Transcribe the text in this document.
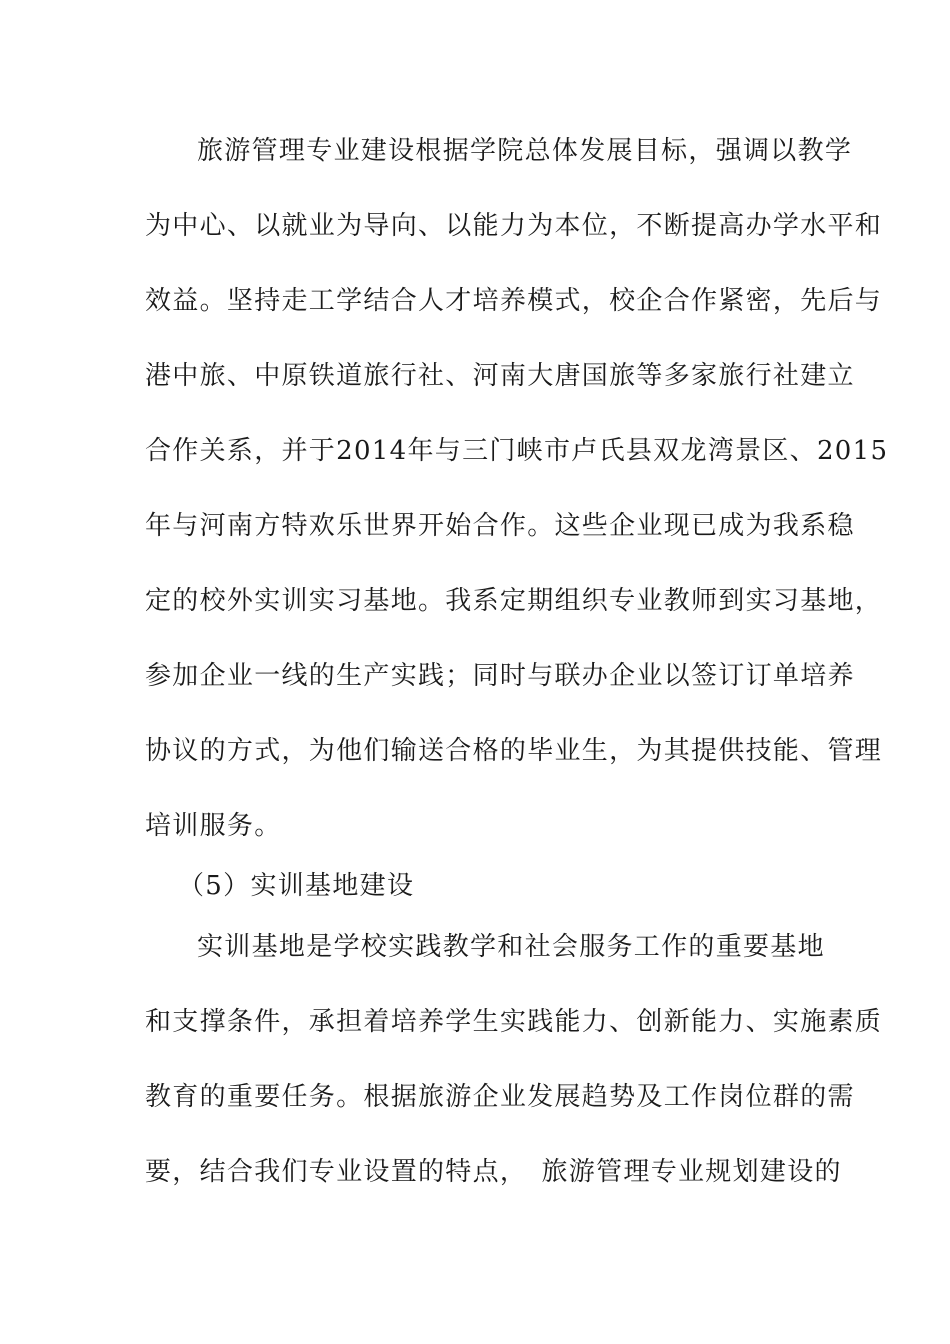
旅游管理专业建设根据学院总体发展目标，强调以教学
为中心、以就业为导向、以能力为本位，不断提高办学水平和
效益。坚持走工学结合人才培养模式，校企合作紧密，先后与
港中旅、中原铁道旅行社、河南大唐国旅等多家旅行社建立
合作关系，并于2014年与三门峡市卢氏县双龙湾景区、2015
年与河南方特欢乐世界开始合作。这些企业现已成为我系稳
定的校外实训实习基地。我系定期组织专业教师到实习基地，
参加企业一线的生产实践；同时与联办企业以签订订单培养
协议的方式，为他们输送合格的毕业生，为其提供技能、管理
培训服务。
（5）实训基地建设
实训基地是学校实践教学和社会服务工作的重要基地
和支撑条件，承担着培养学生实践能力、创新能力、实施素质
教育的重要任务。根据旅游企业发展趋势及工作岗位群的需
要，结合我们专业设置的特点，　旅游管理专业规划建设的
